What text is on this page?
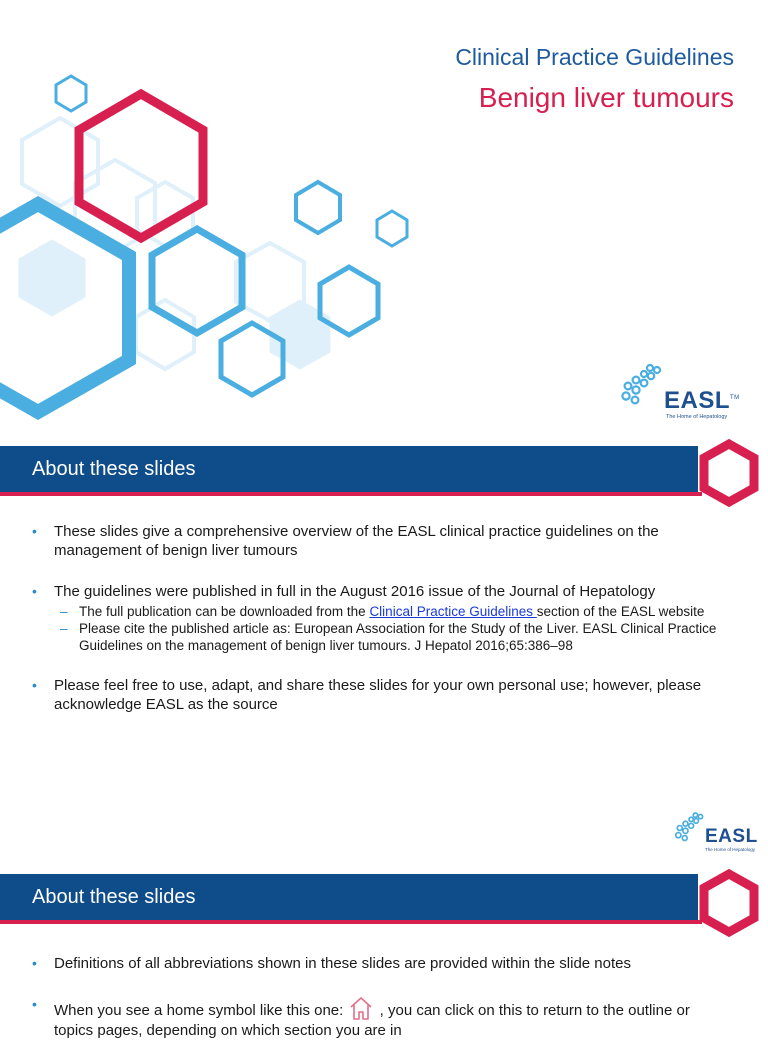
Clinical Practice Guidelines

Benign liver tumours

EASL™
The Home of Hepatology
About these slides
• These slides give a comprehensive overview of the EASL clinical practice guidelines on the management of benign liver tumours
• The guidelines were published in full in the August 2016 issue of the Journal of Hepatology
– The full publication can be downloaded from the Clinical Practice Guidelines section of the EASL website
– Please cite the published article as: European Association for the Study of the Liver. EASL Clinical Practice Guidelines on the management of benign liver tumours. J Hepatol 2016;65:386–98
• Please feel free to use, adapt, and share these slides for your own personal use; however, please acknowledge EASL as the source
EASL
The Home of Hepatology
About these slides
• Definitions of all abbreviations shown in these slides are provided within the slide notes
• When you see a home symbol like this one:  , you can click on this to return to the outline or topics pages, depending on which section you are in
